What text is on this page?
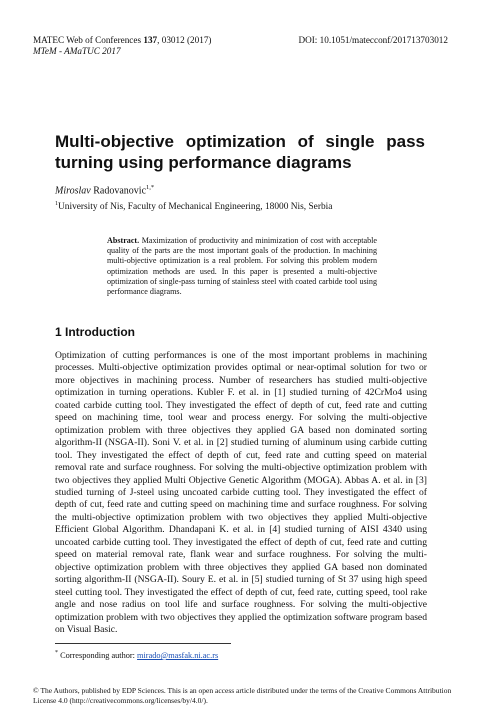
MATEC Web of Conferences 137, 03012 (2017)
MTeM - AMaTUC 2017
DOI: 10.1051/matecconf/201713703012
Multi-objective optimization of single pass turning using performance diagrams
Miroslav Radovanovic$^{1,*}$
$^1$University of Nis, Faculty of Mechanical Engineering, 18000 Nis, Serbia
Abstract. Maximization of productivity and minimization of cost with acceptable quality of the parts are the most important goals of the production. In machining multi-objective optimization is a real problem. For solving this problem modern optimization methods are used. In this paper is presented a multi-objective optimization of single-pass turning of stainless steel with coated carbide tool using performance diagrams.
1 Introduction

Optimization of cutting performances is one of the most important problems in machining processes. Multi-objective optimization provides optimal or near-optimal solution for two or more objectives in machining process. Number of researchers has studied multi-objective optimization in turning operations. Kubler F. et al. in [1] studied turning of 42CrMo4 using coated carbide cutting tool. They investigated the effect of depth of cut, feed rate and cutting speed on machining time, tool wear and process energy. For solving the multi-objective optimization problem with three objectives they applied GA based non dominated sorting algorithm-II (NSGA-II). Soni V. et al. in [2] studied turning of aluminum using carbide cutting tool. They investigated the effect of depth of cut, feed rate and cutting speed on material removal rate and surface roughness. For solving the multi-objective optimization problem with two objectives they applied Multi Objective Genetic Algorithm (MOGA). Abbas A. et al. in [3] studied turning of J-steel using uncoated carbide cutting tool. They investigated the effect of depth of cut, feed rate and cutting speed on machining time and surface roughness. For solving the multi-objective optimization problem with two objectives they applied Multi-objective Efficient Global Algorithm. Dhandapani K. et al. in [4] studied turning of AISI 4340 using uncoated carbide cutting tool. They investigated the effect of depth of cut, feed rate and cutting speed on material removal rate, flank wear and surface roughness. For solving the multi-objective optimization problem with three objectives they applied GA based non dominated sorting algorithm-II (NSGA-II). Soury E. et al. in [5] studied turning of St 37 using high speed steel cutting tool. They investigated the effect of depth of cut, feed rate, cutting speed, tool rake angle and nose radius on tool life and surface roughness. For solving the multi-objective optimization problem with two objectives they applied the optimization software program based on Visual Basic.

* Corresponding author: mirado@masfak.ni.ac.rs
© The Authors, published by EDP Sciences. This is an open access article distributed under the terms of the Creative Commons Attribution License 4.0 (http://creativecommons.org/licenses/by/4.0/).
